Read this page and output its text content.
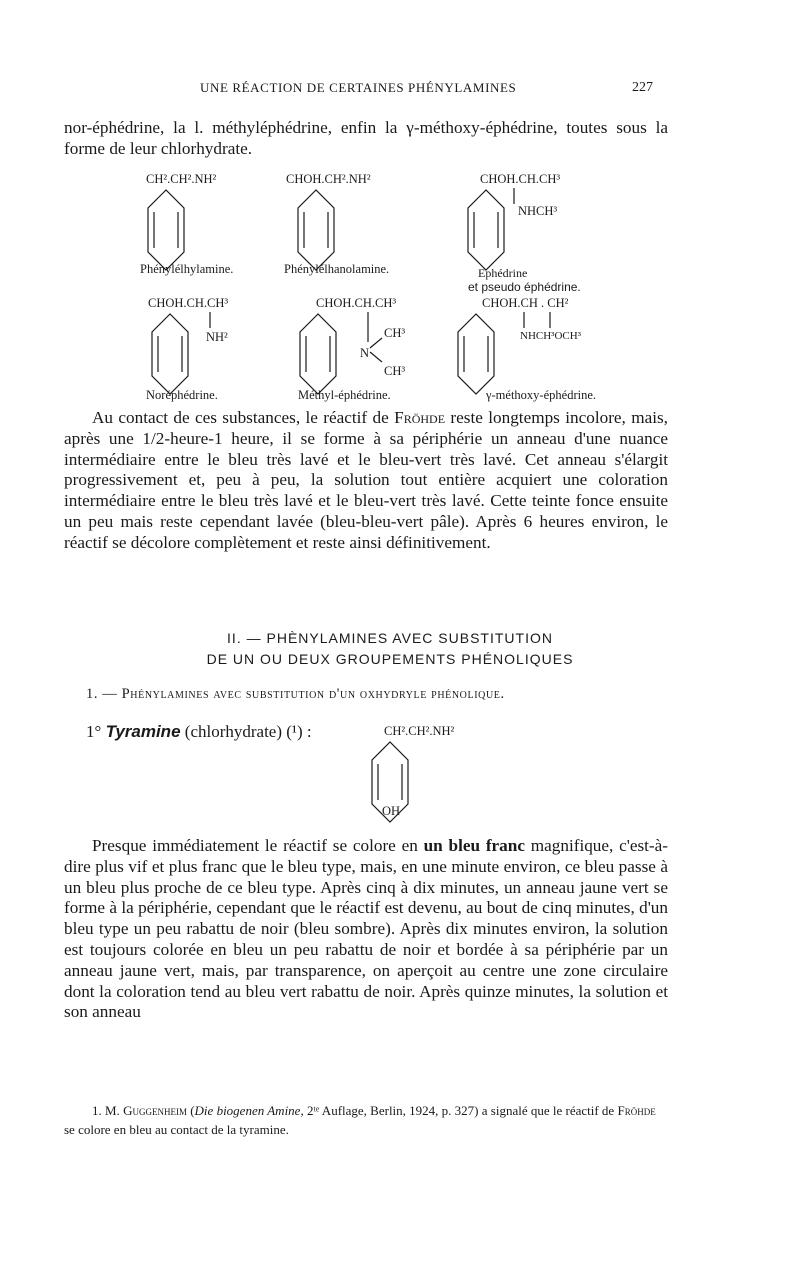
UNE RÉACTION DE CERTAINES PHÉNYLAMINES	227
nor-éphédrine, la l. méthyléphédrine, enfin la γ-méthoxy-éphédrine, toutes sous la forme de leur chlorhydrate.
CH².CH².NH²
Phénylélhylamine.
CHOH.CH².NH²
Phénylélhanolamine.
CHOH.CH.CH³
NHCH³
Ephédrine
et pseudo éphédrine.
CHOH.CH.CH³
NH²
Noréphédrine.
CHOH.CH.CH³
N
CH³
CH³
Méthyl-éphédrine.
CHOH.CH . CH²
NHCH³OCH³
γ-méthoxy-éphédrine.
Au contact de ces substances, le réactif de Fröhde reste longtemps incolore, mais, après une 1/2-heure-1 heure, il se forme à sa périphérie un anneau d'une nuance intermédiaire entre le bleu très lavé et le bleu-vert très lavé. Cet anneau s'élargit progressivement et, peu à peu, la solution tout entière acquiert une coloration intermédiaire entre le bleu très lavé et le bleu-vert très lavé. Cette teinte fonce ensuite un peu mais reste cependant lavée (bleu-bleu-vert pâle). Après 6 heures environ, le réactif se décolore complètement et reste ainsi définitivement.
II. — PHÈNYLAMINES AVEC SUBSTITUTION
DE UN OU DEUX GROUPEMENTS PHÉNOLIQUES
1. — Phénylamines avec substitution d'un oxhydryle phénolique.
1° Tyramine (chlorhydrate) (¹) :	CH².CH².NH²
OH
Presque immédiatement le réactif se colore en un bleu franc magnifique, c'est-à-dire plus vif et plus franc que le bleu type, mais, en une minute environ, ce bleu passe à un bleu plus proche de ce bleu type. Après cinq à dix minutes, un anneau jaune vert se forme à la périphérie, cependant que le réactif est devenu, au bout de cinq minutes, d'un bleu type un peu rabattu de noir (bleu sombre). Après dix minutes environ, la solution est toujours colorée en bleu un peu rabattu de noir et bordée à sa périphérie par un anneau jaune vert, mais, par transparence, on aperçoit au centre une zone circulaire dont la coloration tend au bleu vert rabattu de noir. Après quinze minutes, la solution et son anneau
1. M. Guggenheim (Die biogenen Amine, 2ᵗᵉ Auflage, Berlin, 1924, p. 327) a signalé que le réactif de Fröhde se colore en bleu au contact de la tyramine.
